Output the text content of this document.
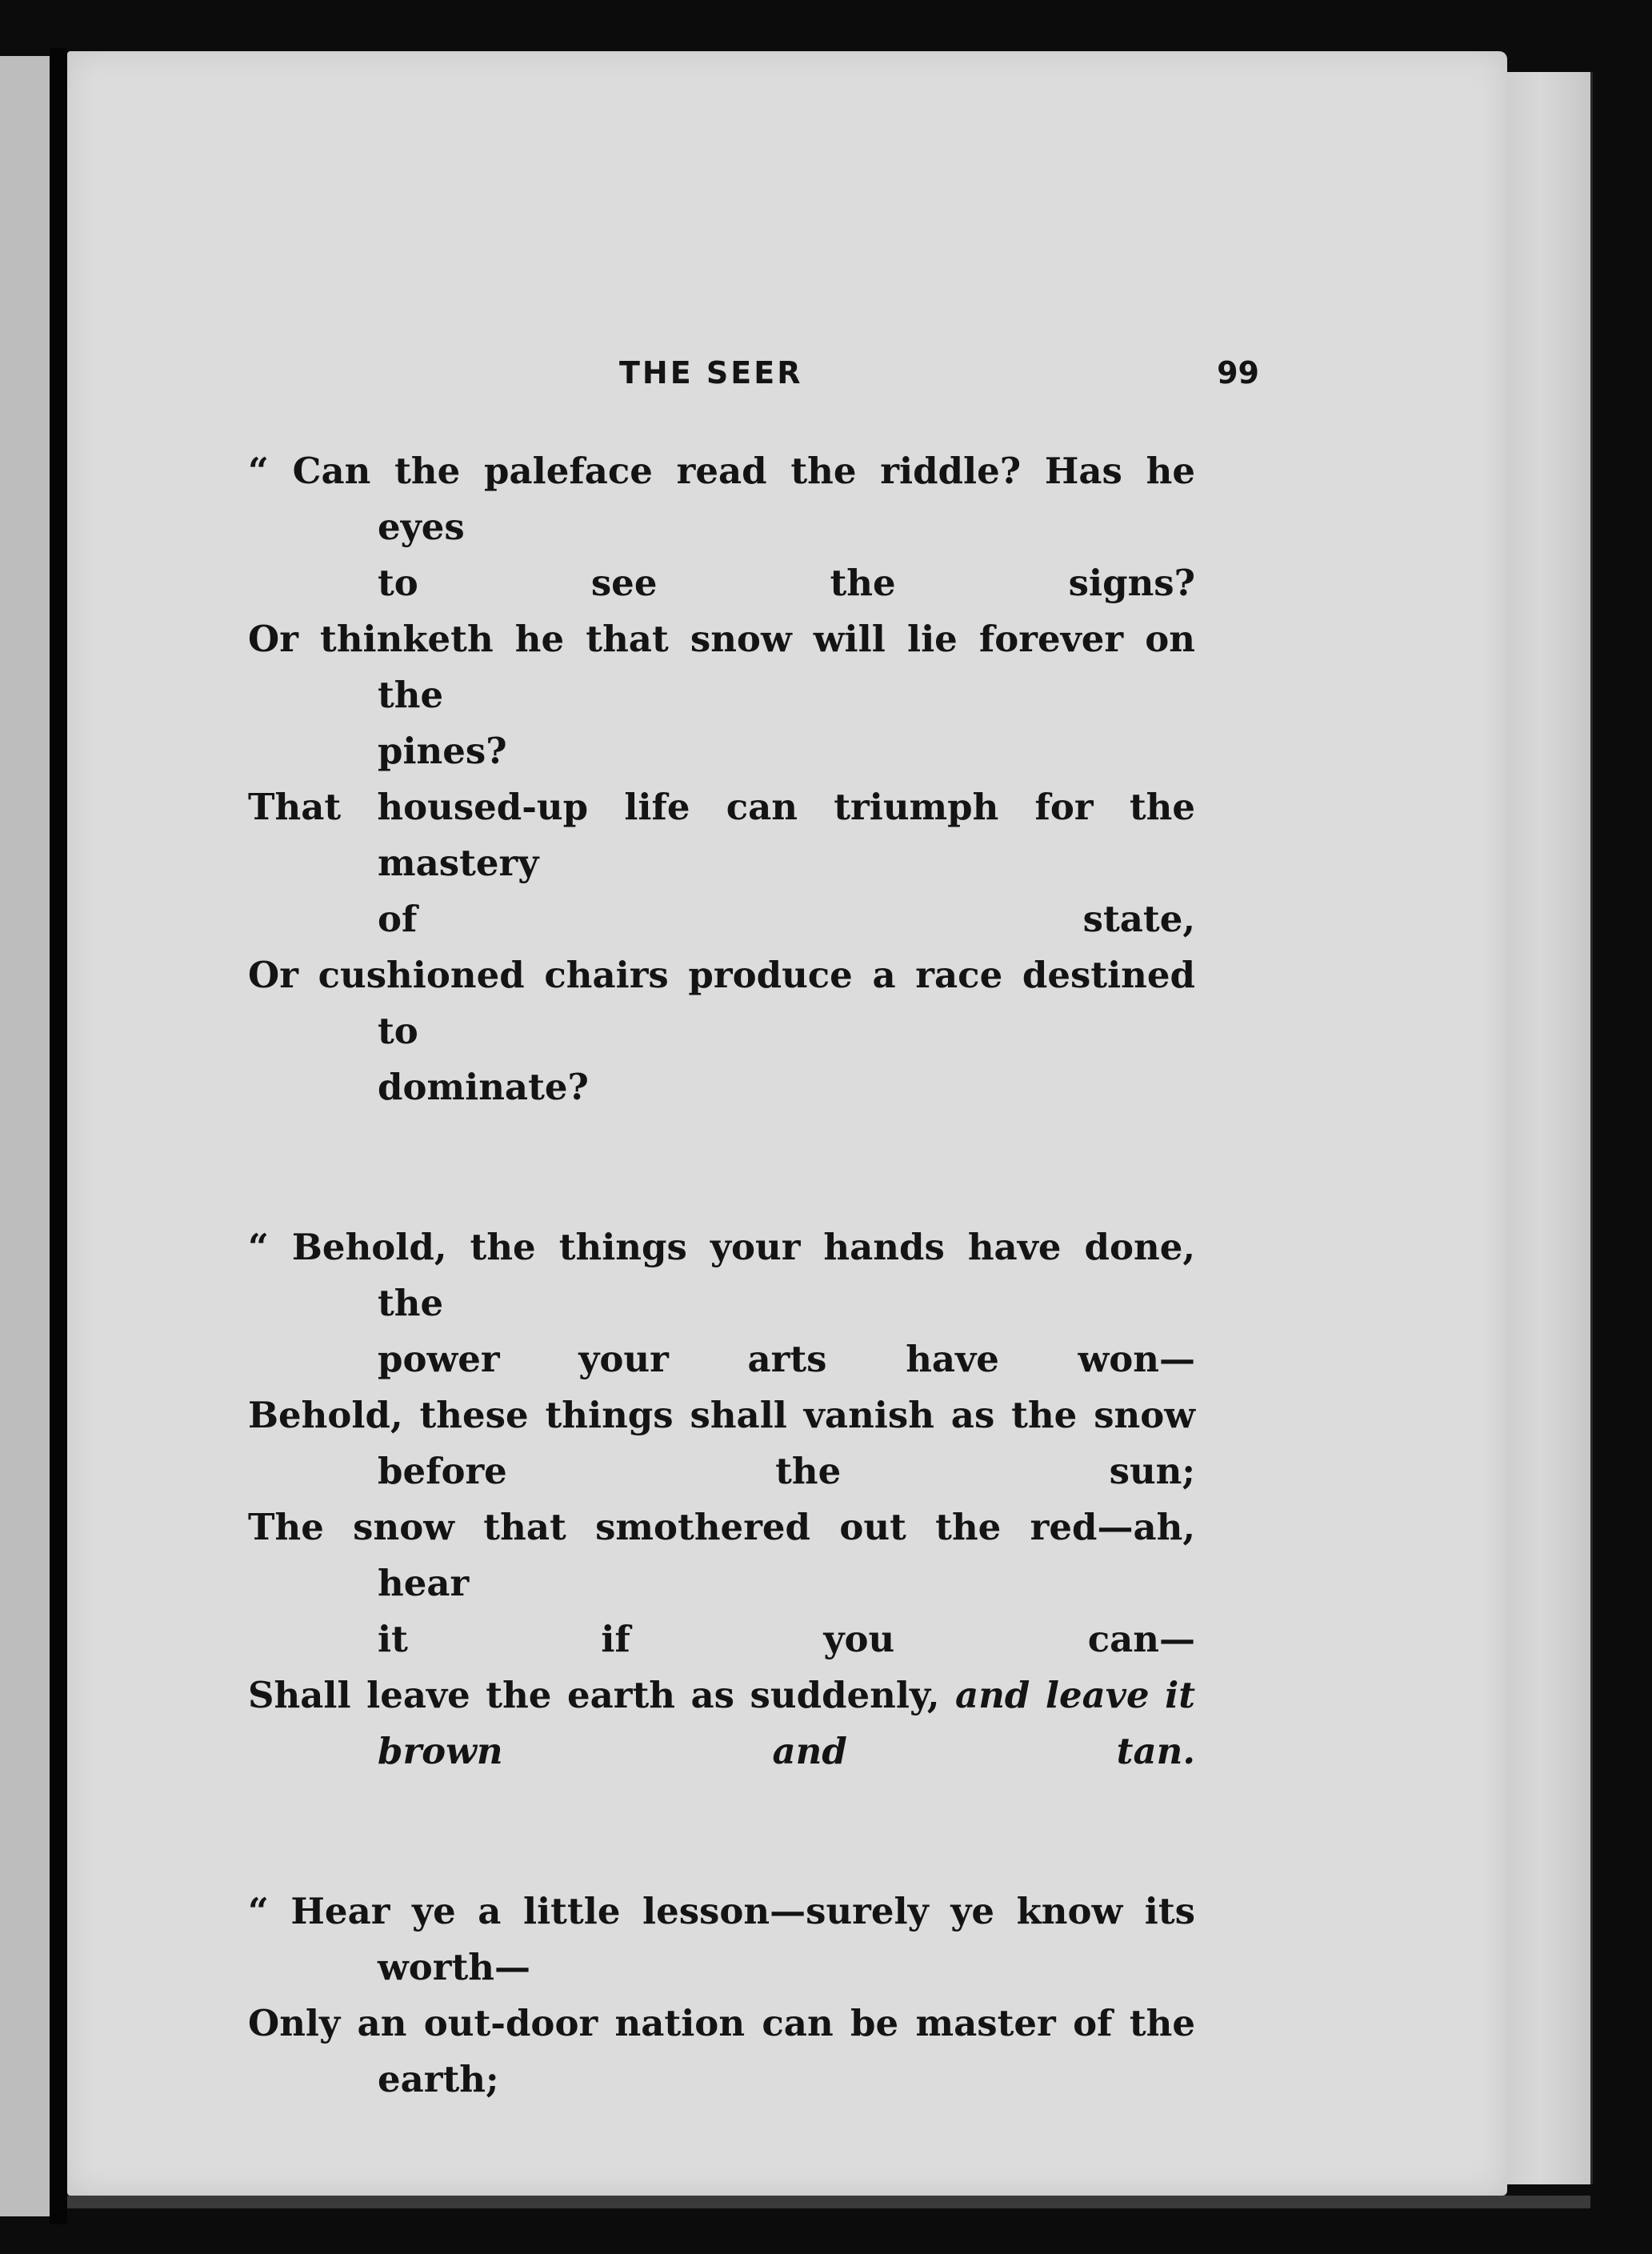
THE SEER	99

“ Can the paleface read the riddle? Has he eyes
to see the signs?

Or thinketh he that snow will lie forever on the
pines?

That housed-up life can triumph for the mastery
of state,

Or cushioned chairs produce a race destined to
dominate?

“ Behold, the things your hands have done, the
power your arts have won—

Behold, these things shall vanish as the snow
before the sun;

The snow that smothered out the red—ah, hear
it if you can—

Shall leave the earth as suddenly, and leave it
brown and tan.

“ Hear ye a little lesson—surely ye know its
worth—

Only an out-door nation can be master of the
earth;
